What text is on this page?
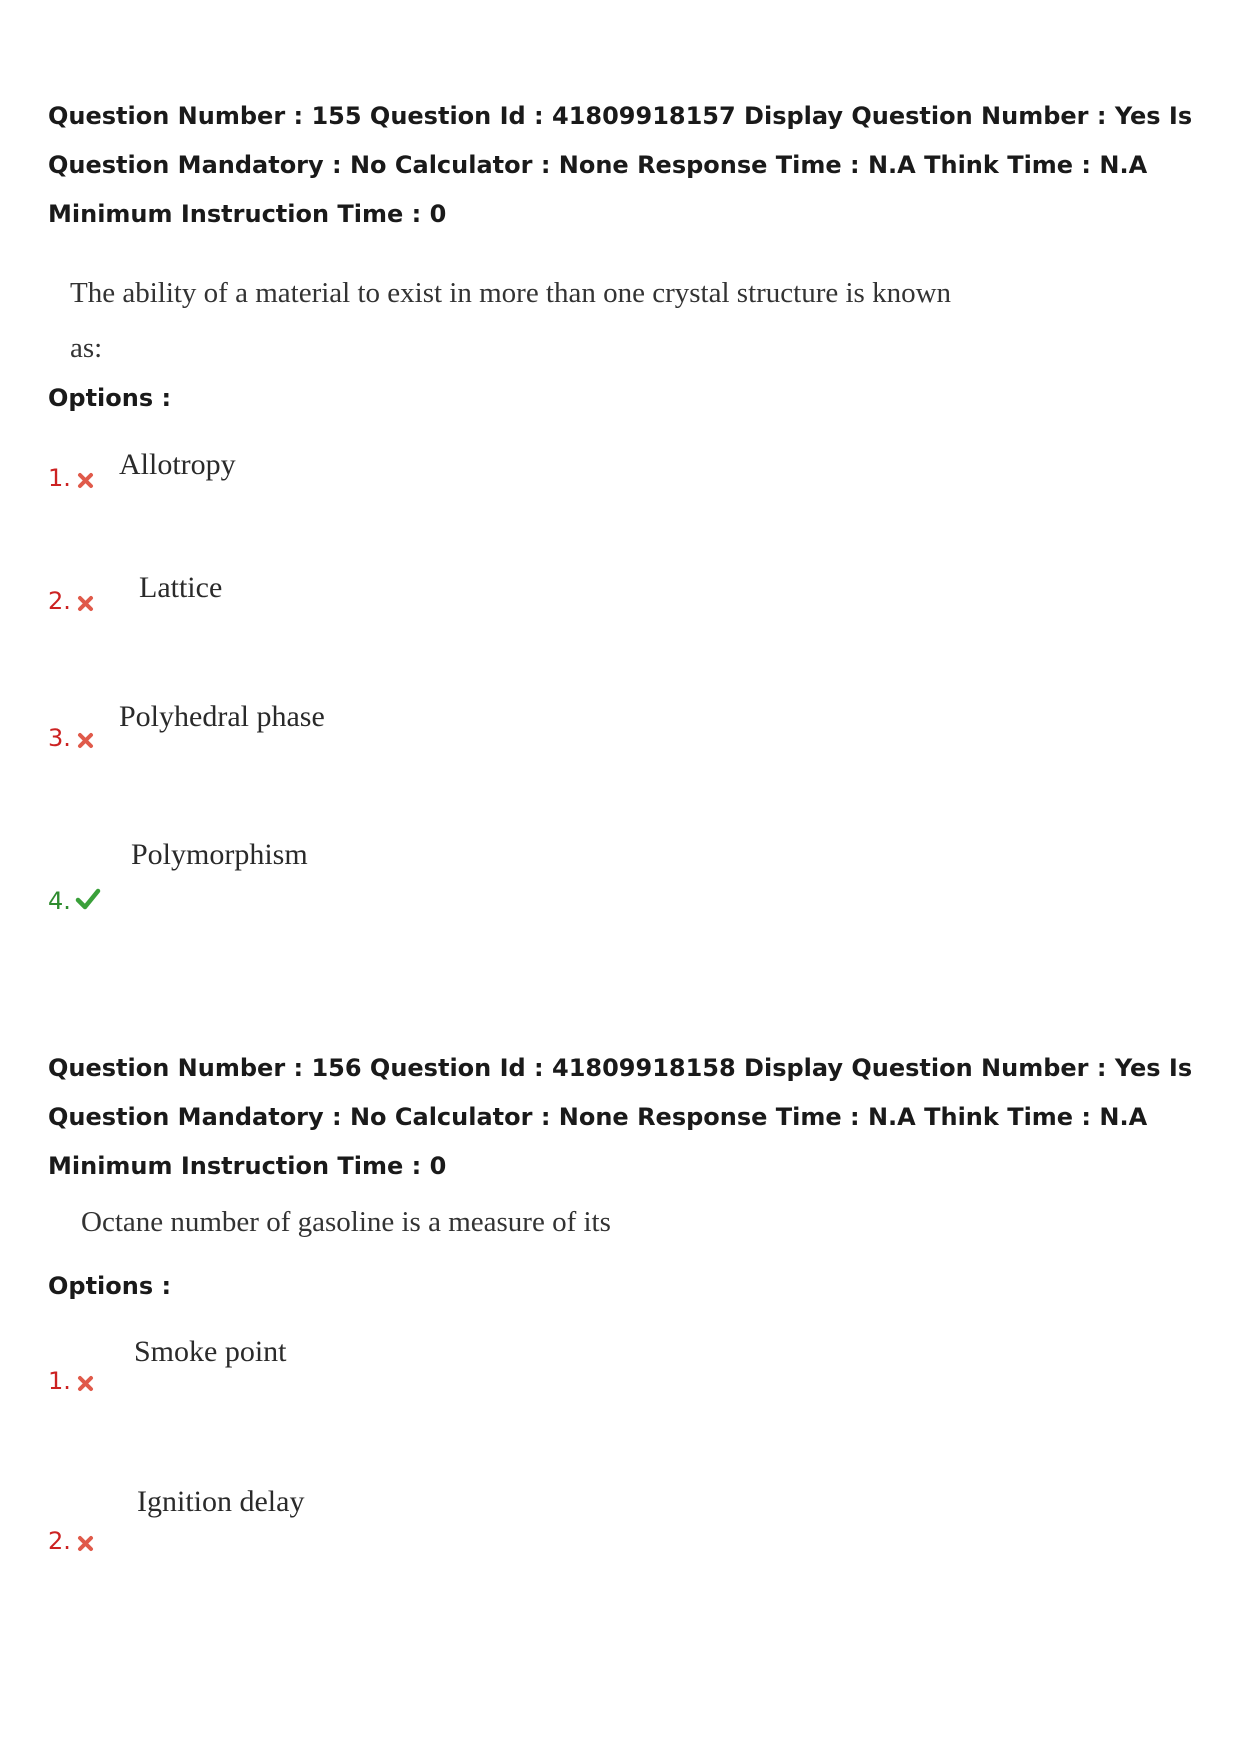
Question Number : 155 Question Id : 41809918157 Display Question Number : Yes Is Question Mandatory : No Calculator : None Response Time : N.A Think Time : N.A Minimum Instruction Time : 0
The ability of a material to exist in more than one crystal structure is known
as:
Options :
1. Allotropy
2. Lattice
3.
Polyhedral phase
4.
Polymorphism
Question Number : 156 Question Id : 41809918158 Display Question Number : Yes Is Question Mandatory : No Calculator : None Response Time : N.A Think Time : N.A Minimum Instruction Time : 0
Octane number of gasoline is a measure of its
Options :
1.
Smoke point
2.
Ignition delay
